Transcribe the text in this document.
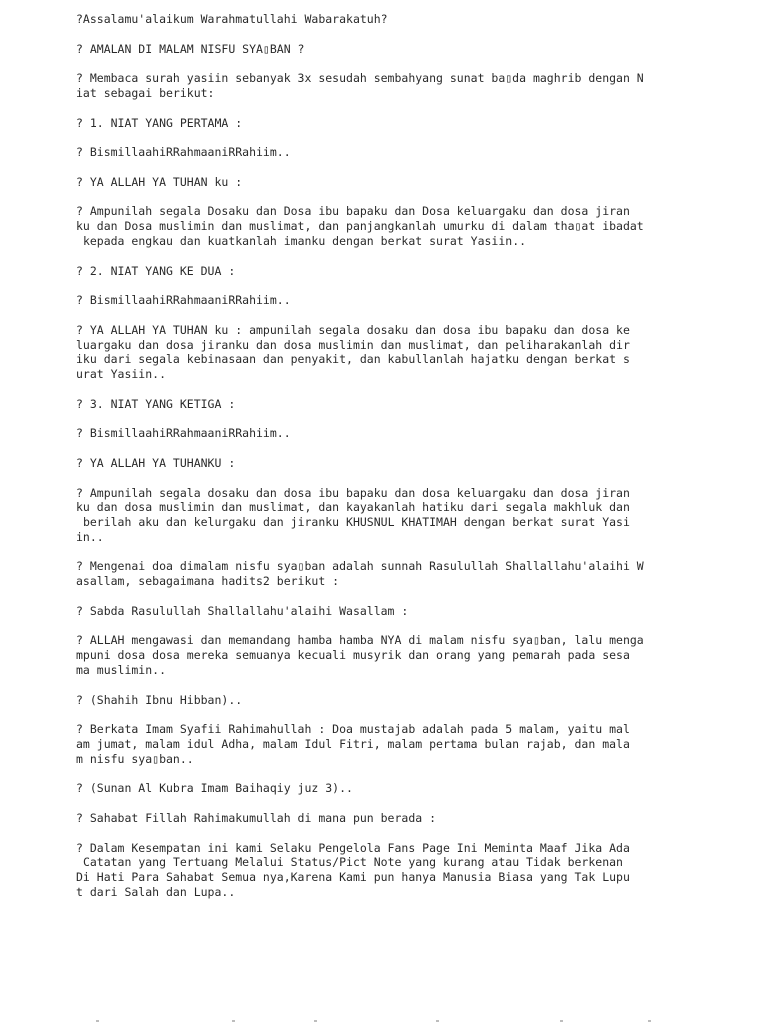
?Assalamu'alaikum Warahmatullahi Wabarakatuh?

? AMALAN DI MALAM NISFU SYA▯BAN ?

? Membaca surah yasiin sebanyak 3x sesudah sembahyang sunat ba▯da maghrib dengan N
iat sebagai berikut:

? 1. NIAT YANG PERTAMA :

? BismillaahiRRahmaaniRRahiim..

? YA ALLAH YA TUHAN ku :

? Ampunilah segala Dosaku dan Dosa ibu bapaku dan Dosa keluargaku dan dosa jiran
ku dan Dosa muslimin dan muslimat, dan panjangkanlah umurku di dalam tha▯at ibadat
kepada engkau dan kuatkanlah imanku dengan berkat surat Yasiin..

? 2. NIAT YANG KE DUA :

? BismillaahiRRahmaaniRRahiim..

? YA ALLAH YA TUHAN ku : ampunilah segala dosaku dan dosa ibu bapaku dan dosa ke
luargaku dan dosa jiranku dan dosa muslimin dan muslimat, dan peliharakanlah dir
iku dari segala kebinasaan dan penyakit, dan kabullanlah hajatku dengan berkat s
urat Yasiin..

? 3. NIAT YANG KETIGA :

? BismillaahiRRahmaaniRRahiim..

? YA ALLAH YA TUHANKU :

? Ampunilah segala dosaku dan dosa ibu bapaku dan dosa keluargaku dan dosa jiran
ku dan dosa muslimin dan muslimat, dan kayakanlah hatiku dari segala makhluk dan
berilah aku dan kelurgaku dan jiranku KHUSNUL KHATIMAH dengan berkat surat Yasi
in..

? Mengenai doa dimalam nisfu sya▯ban adalah sunnah Rasulullah Shallallahu'alaihi W
asallam, sebagaimana hadits2 berikut :

? Sabda Rasulullah Shallallahu'alaihi Wasallam :

? ALLAH mengawasi dan memandang hamba hamba NYA di malam nisfu sya▯ban, lalu menga
mpuni dosa dosa mereka semuanya kecuali musyrik dan orang yang pemarah pada sesa
ma muslimin..

? (Shahih Ibnu Hibban)..

? Berkata Imam Syafii Rahimahullah : Doa mustajab adalah pada 5 malam, yaitu mal
am jumat, malam idul Adha, malam Idul Fitri, malam pertama bulan rajab, dan mala
m nisfu sya▯ban..

? (Sunan Al Kubra Imam Baihaqiy juz 3)..

? Sahabat Fillah Rahimakumullah di mana pun berada :

? Dalam Kesempatan ini kami Selaku Pengelola Fans Page Ini Meminta Maaf Jika Ada
Catatan yang Tertuang Melalui Status/Pict Note yang kurang atau Tidak berkenan
Di Hati Para Sahabat Semua nya,Karena Kami pun hanya Manusia Biasa yang Tak Lupu
t dari Salah dan Lupa..
